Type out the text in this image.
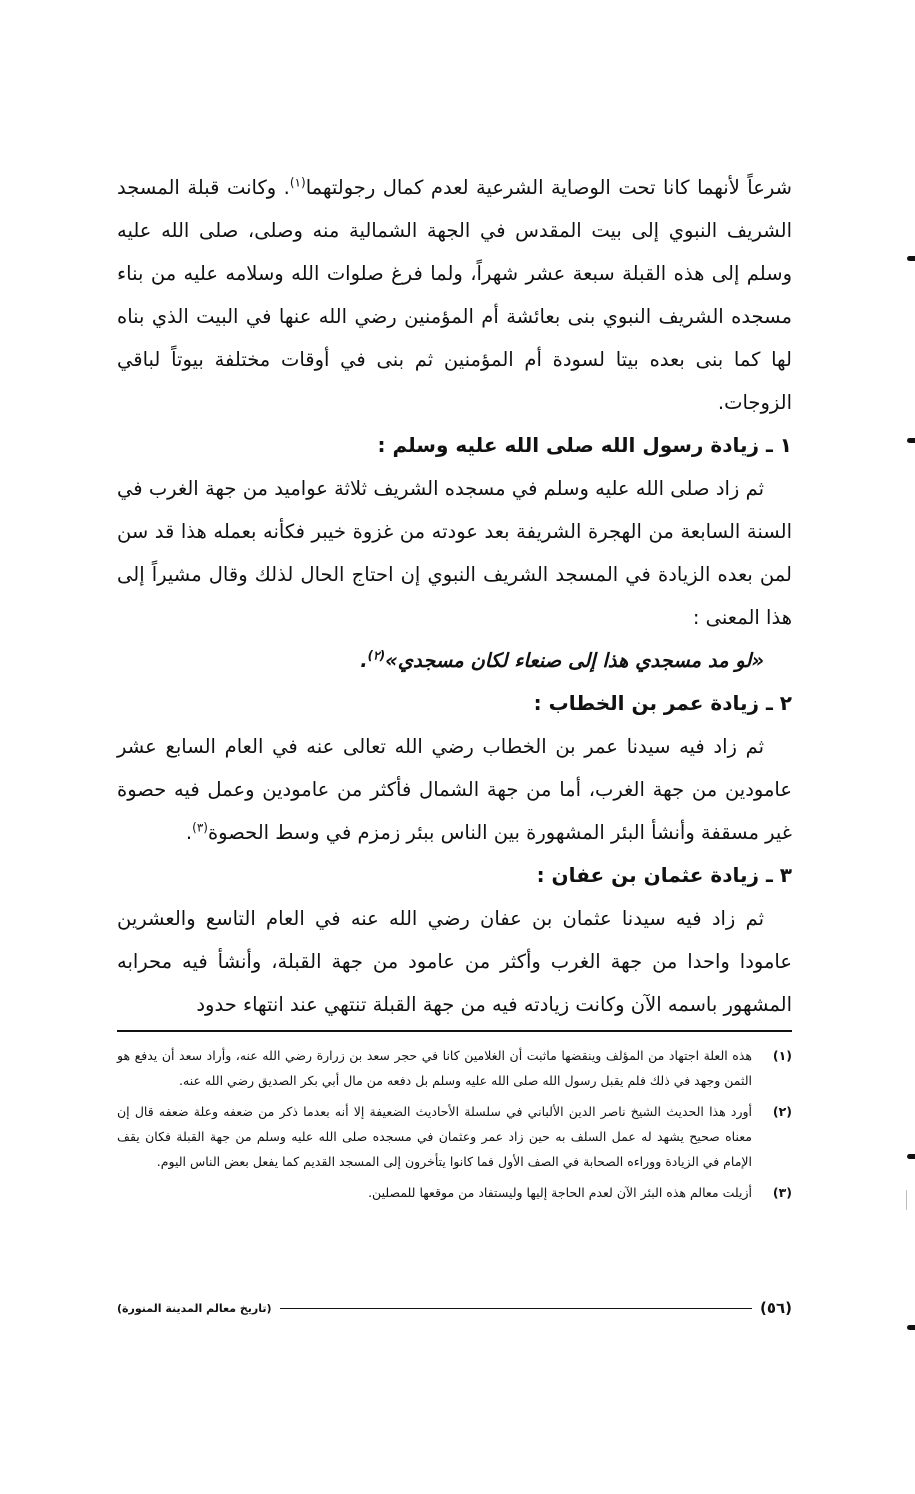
شرعاً لأنهما كانا تحت الوصاية الشرعية لعدم كمال رجولتهما$^{(١)}$. وكانت قبلة المسجد الشريف النبوي إلى بيت المقدس في الجهة الشمالية منه وصلى، صلى الله عليه وسلم إلى هذه القبلة سبعة عشر شهراً، ولما فرغ صلوات الله وسلامه عليه من بناء مسجده الشريف النبوي بنى بعائشة أم المؤمنين رضي الله عنها في البيت الذي بناه لها كما بنى بعده بيتا لسودة أم المؤمنين ثم بنى في أوقات مختلفة بيوتاً لباقي الزوجات.

١ ـ زيادة رسول الله صلى الله عليه وسلم :

ثم زاد صلى الله عليه وسلم في مسجده الشريف ثلاثة عواميد من جهة الغرب في السنة السابعة من الهجرة الشريفة بعد عودته من غزوة خيبر فكأنه بعمله هذا قد سن لمن بعده الزيادة في المسجد الشريف النبوي إن احتاج الحال لذلك وقال مشيراً إلى هذا المعنى :

«لو مد مسجدي هذا إلى صنعاء لكان مسجدي»$^{(٢)}$.

٢ ـ زيادة عمر بن الخطاب :

ثم زاد فيه سيدنا عمر بن الخطاب رضي الله تعالى عنه في العام السابع عشر عامودين من جهة الغرب، أما من جهة الشمال فأكثر من عامودين وعمل فيه حصوة غير مسقفة وأنشأ البئر المشهورة بين الناس ببئر زمزم في وسط الحصوة$^{(٣)}$.

٣ ـ زيادة عثمان بن عفان :

ثم زاد فيه سيدنا عثمان بن عفان رضي الله عنه في العام التاسع والعشرين عامودا واحدا من جهة الغرب وأكثر من عامود من جهة القبلة، وأنشأ فيه محرابه المشهور باسمه الآن وكانت زيادته فيه من جهة القبلة تنتهي عند انتهاء حدود

(١)
هذه العلة اجتهاد من المؤلف وينقضها ماثبت أن الغلامين كانا في حجر سعد بن زرارة رضي الله عنه، وأراد سعد أن يدفع هو الثمن وجهد في ذلك فلم يقبل رسول الله صلى الله عليه وسلم بل دفعه من مال أبي بكر الصديق رضي الله عنه.
(٢)
أورد هذا الحديث الشيخ ناصر الدين الألباني في سلسلة الأحاديث الضعيفة إلا أنه بعدما ذكر من ضعفه وعلة ضعفه قال إن معناه صحيح يشهد له عمل السلف به حين زاد عمر وعثمان في مسجده صلى الله عليه وسلم من جهة القبلة فكان يقف الإمام في الزيادة ووراءه الصحابة في الصف الأول فما كانوا يتأخرون إلى المسجد القديم كما يفعل بعض الناس اليوم.
(٣)
أزيلت معالم هذه البئر الآن لعدم الحاجة إليها وليستفاد من موقعها للمصلين.
(٥٦)
(تاريخ معالم المدينة المنورة)
